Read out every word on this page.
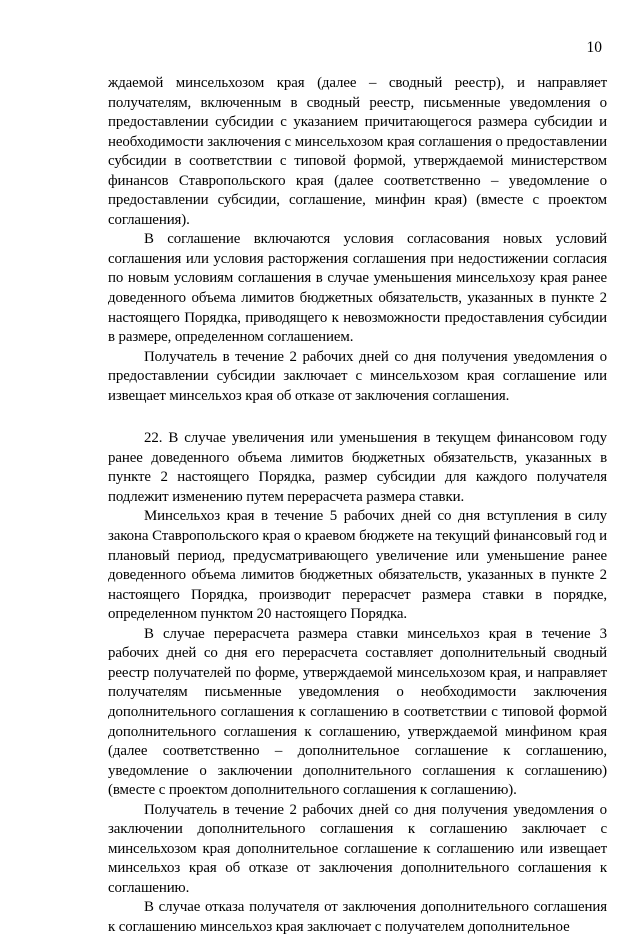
10

ждаемой минсельхозом края (далее – сводный реестр), и направляет получателям, включенным в сводный реестр, письменные уведомления о предоставлении субсидии с указанием причитающегося размера субсидии и необходимости заключения с минсельхозом края соглашения о предоставлении субсидии в соответствии с типовой формой, утверждаемой министерством финансов Ставропольского края (далее соответственно – уведомление о предоставлении субсидии, соглашение, минфин края) (вместе с проектом соглашения).

В соглашение включаются условия согласования новых условий соглашения или условия расторжения соглашения при недостижении согласия по новым условиям соглашения в случае уменьшения минсельхозу края ранее доведенного объема лимитов бюджетных обязательств, указанных в пункте 2 настоящего Порядка, приводящего к невозможности предоставления субсидии в размере, определенном соглашением.

Получатель в течение 2 рабочих дней со дня получения уведомления о предоставлении субсидии заключает с минсельхозом края соглашение или извещает минсельхоз края об отказе от заключения соглашения.

22. В случае увеличения или уменьшения в текущем финансовом году ранее доведенного объема лимитов бюджетных обязательств, указанных в пункте 2 настоящего Порядка, размер субсидии для каждого получателя подлежит изменению путем перерасчета размера ставки.

Минсельхоз края в течение 5 рабочих дней со дня вступления в силу закона Ставропольского края о краевом бюджете на текущий финансовый год и плановый период, предусматривающего увеличение или уменьшение ранее доведенного объема лимитов бюджетных обязательств, указанных в пункте 2 настоящего Порядка, производит перерасчет размера ставки в порядке, определенном пунктом 20 настоящего Порядка.

В случае перерасчета размера ставки минсельхоз края в течение 3 рабочих дней со дня его перерасчета составляет дополнительный сводный реестр получателей по форме, утверждаемой минсельхозом края, и направляет получателям письменные уведомления о необходимости заключения дополнительного соглашения к соглашению в соответствии с типовой формой дополнительного соглашения к соглашению, утверждаемой минфином края (далее соответственно – дополнительное соглашение к соглашению, уведомление о заключении дополнительного соглашения к соглашению) (вместе с проектом дополнительного соглашения к соглашению).

Получатель в течение 2 рабочих дней со дня получения уведомления о заключении дополнительного соглашения к соглашению заключает с минсельхозом края дополнительное соглашение к соглашению или извещает минсельхоз края об отказе от заключения дополнительного соглашения к соглашению.

В случае отказа получателя от заключения дополнительного соглашения к соглашению минсельхоз края заключает с получателем дополнительное
